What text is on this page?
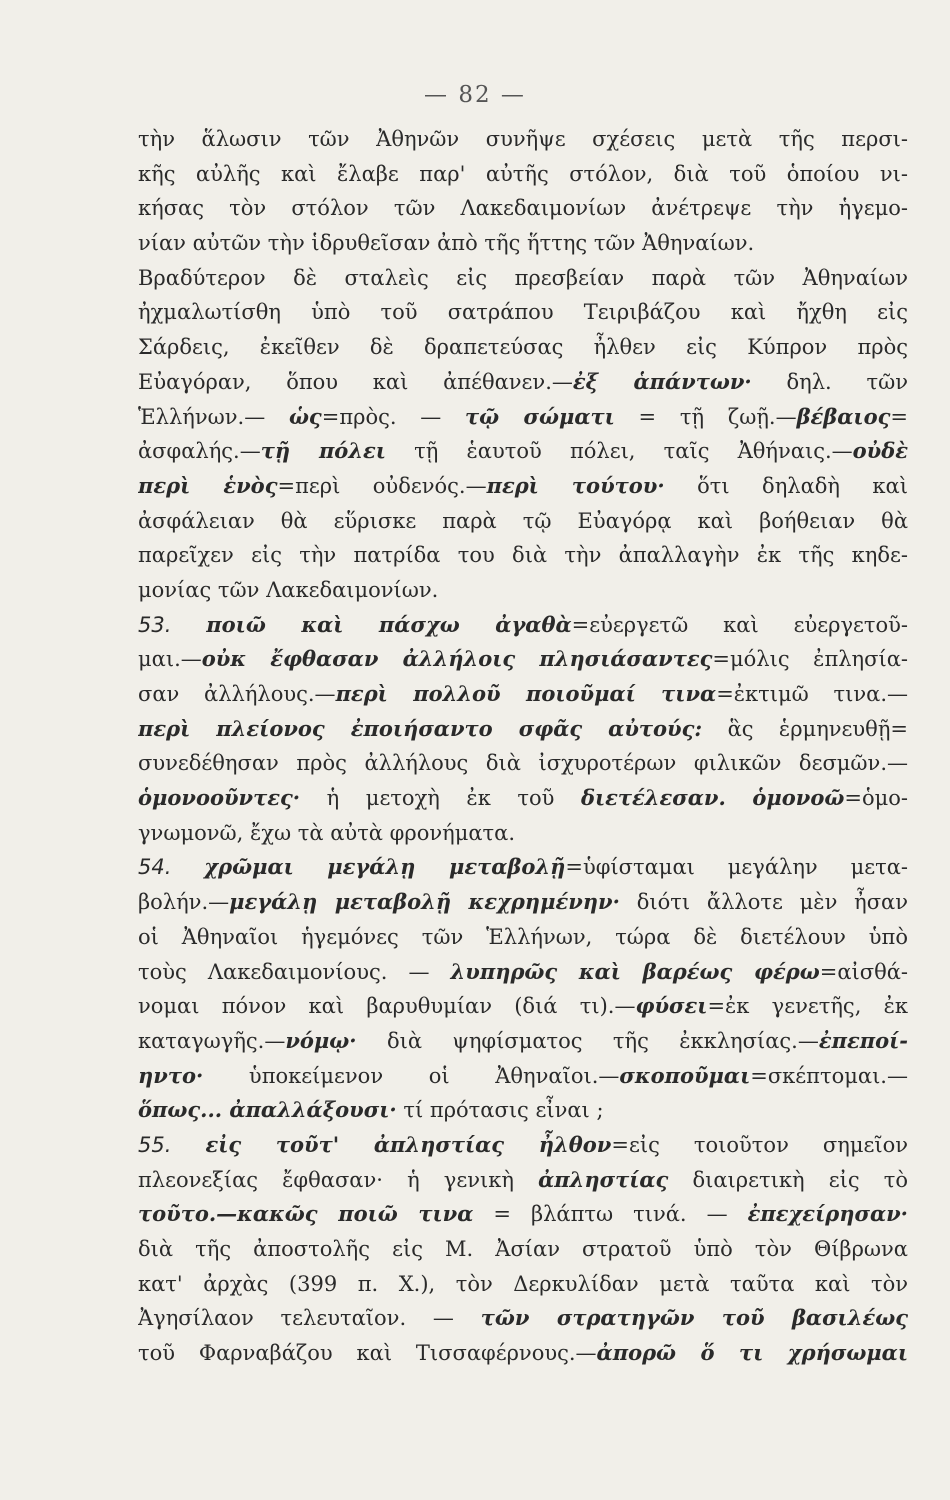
— 82 —
τὴν ἅλωσιν τῶν Ἀθηνῶν συνῆψε σχέσεις μετὰ τῆς περσι-
κῆς αὐλῆς καὶ ἔλαβε παρ' αὐτῆς στόλον, διὰ τοῦ ὁποίου νι-
κήσας τὸν στόλον τῶν Λακεδαιμονίων ἀνέτρεψε τὴν ἡγεμο-
νίαν αὐτῶν τὴν ἱδρυθεῖσαν ἀπὸ τῆς ἥττης τῶν Ἀθηναίων.
Βραδύτερον δὲ σταλεὶς εἰς πρεσβείαν παρὰ τῶν Ἀθηναίων
ἠχμαλωτίσθη ὑπὸ τοῦ σατράπου Τειριβάζου καὶ ἤχθη εἰς
Σάρδεις, ἐκεῖθεν δὲ δραπετεύσας ἦλθεν εἰς Κύπρον πρὸς
Εὐαγόραν, ὅπου καὶ ἀπέθανεν.—ἐξ ἁπάντων· δηλ. τῶν
Ἑλλήνων.— ὡς=πρὸς. — τῷ σώματι = τῇ ζωῇ.—βέβαιος=
ἀσφαλής.—τῇ πόλει τῇ ἑαυτοῦ πόλει, ταῖς Ἀθήναις.—οὐδὲ
περὶ ἑνὸς=περὶ οὐδενός.—περὶ τούτου· ὅτι δηλαδὴ καὶ
ἀσφάλειαν θὰ εὕρισκε παρὰ τῷ Εὐαγόρᾳ καὶ βοήθειαν θὰ
παρεῖχεν εἰς τὴν πατρίδα του διὰ τὴν ἀπαλλαγὴν ἐκ τῆς κηδε-
μονίας τῶν Λακεδαιμονίων.
53. ποιῶ καὶ πάσχω ἀγαθὰ=εὐεργετῶ καὶ εὐεργετοῦ-
μαι.—οὐκ ἔφθασαν ἀλλήλοις πλησιάσαντες=μόλις ἐπλησία-
σαν ἀλλήλους.—περὶ πολλοῦ ποιοῦμαί τινα=ἐκτιμῶ τινα.—
περὶ πλείονος ἐποιήσαντο σφᾶς αὐτούς: ἃς ἑρμηνευθῇ=
συνεδέθησαν πρὸς ἀλλήλους διὰ ἰσχυροτέρων φιλικῶν δεσμῶν.—
ὁμονοοῦντες· ἡ μετοχὴ ἐκ τοῦ διετέλεσαν. ὁμονοῶ=ὁμο-
γνωμονῶ, ἔχω τὰ αὐτὰ φρονήματα.
54. χρῶμαι μεγάλῃ μεταβολῇ=ὑφίσταμαι μεγάλην μετα-
βολήν.—μεγάλῃ μεταβολῇ κεχρημένην· διότι ἄλλοτε μὲν ἦσαν
οἱ Ἀθηναῖοι ἡγεμόνες τῶν Ἑλλήνων, τώρα δὲ διετέλουν ὑπὸ
τοὺς Λακεδαιμονίους. — λυπηρῶς καὶ βαρέως φέρω=αἰσθά-
νομαι πόνον καὶ βαρυθυμίαν (διά τι).—φύσει=ἐκ γενετῆς, ἐκ
καταγωγῆς.—νόμῳ· διὰ ψηφίσματος τῆς ἐκκλησίας.—ἐπεποί-
ηντο· ὑποκείμενον οἱ Ἀθηναῖοι.—σκοποῦμαι=σκέπτομαι.—
ὅπως... ἀπαλλάξουσι· τί πρότασις εἶναι ;
55. εἰς τοῦτ' ἀπληστίας ἦλθον=εἰς τοιοῦτον σημεῖον
πλεονεξίας ἔφθασαν· ἡ γενικὴ ἀπληστίας διαιρετικὴ εἰς τὸ
τοῦτο.—κακῶς ποιῶ τινα = βλάπτω τινά. — ἐπεχείρησαν·
διὰ τῆς ἀποστολῆς εἰς Μ. Ἀσίαν στρατοῦ ὑπὸ τὸν Θίβρωνα
κατ' ἀρχὰς (399 π. Χ.), τὸν Δερκυλίδαν μετὰ ταῦτα καὶ τὸν
Ἀγησίλαον τελευταῖον. — τῶν στρατηγῶν τοῦ βασιλέως
τοῦ Φαρναβάζου καὶ Τισσαφέρνους.—ἀπορῶ ὅ τι χρήσωμαι
